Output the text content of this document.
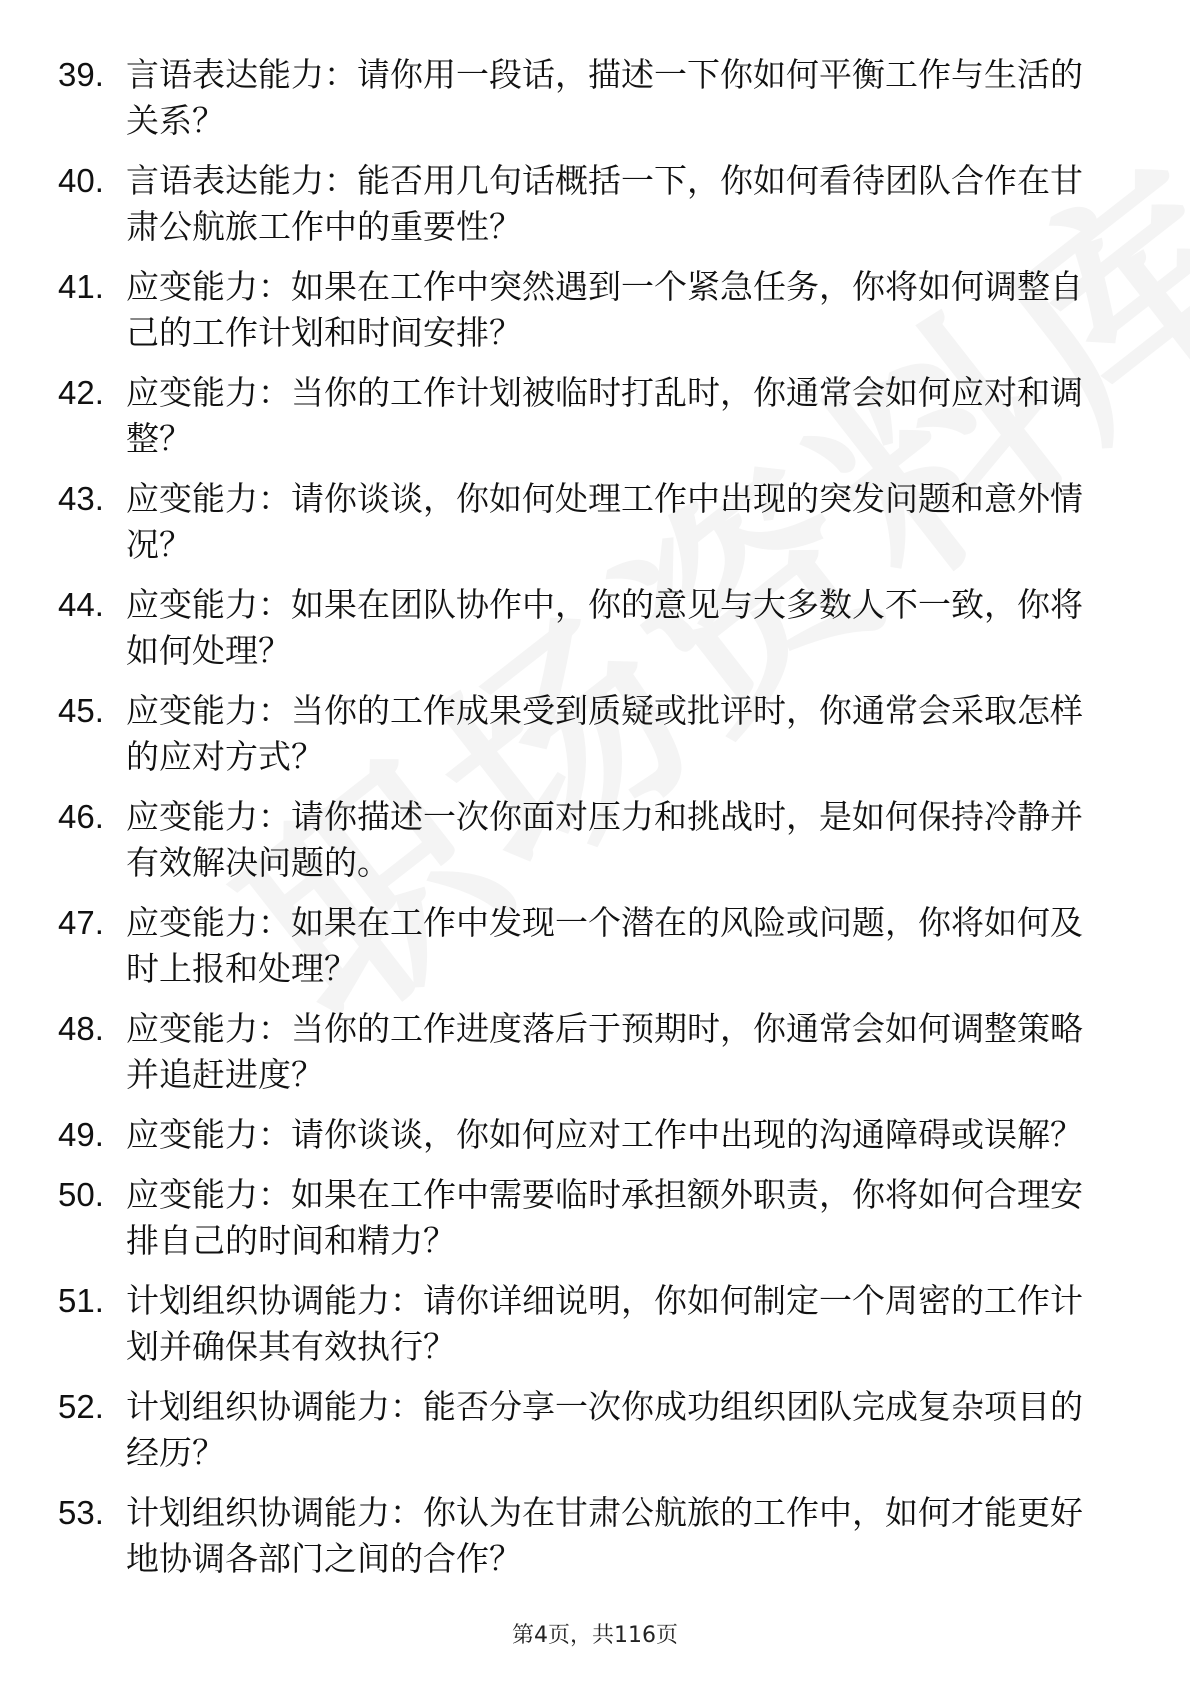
39. 言语表达能力：请你用一段话，描述一下你如何平衡工作与生活的关系？
40. 言语表达能力：能否用几句话概括一下，你如何看待团队合作在甘肃公航旅工作中的重要性？
41. 应变能力：如果在工作中突然遇到一个紧急任务，你将如何调整自己的工作计划和时间安排？
42. 应变能力：当你的工作计划被临时打乱时，你通常会如何应对和调整？
43. 应变能力：请你谈谈，你如何处理工作中出现的突发问题和意外情况？
44. 应变能力：如果在团队协作中，你的意见与大多数人不一致，你将如何处理？
45. 应变能力：当你的工作成果受到质疑或批评时，你通常会采取怎样的应对方式？
46. 应变能力：请你描述一次你面对压力和挑战时，是如何保持冷静并有效解决问题的。
47. 应变能力：如果在工作中发现一个潜在的风险或问题，你将如何及时上报和处理？
48. 应变能力：当你的工作进度落后于预期时，你通常会如何调整策略并追赶进度？
49. 应变能力：请你谈谈，你如何应对工作中出现的沟通障碍或误解？
50. 应变能力：如果在工作中需要临时承担额外职责，你将如何合理安排自己的时间和精力？
51. 计划组织协调能力：请你详细说明，你如何制定一个周密的工作计划并确保其有效执行？
52. 计划组织协调能力：能否分享一次你成功组织团队完成复杂项目的经历？
53. 计划组织协调能力：你认为在甘肃公航旅的工作中，如何才能更好地协调各部门之间的合作？
第4页，共116页
